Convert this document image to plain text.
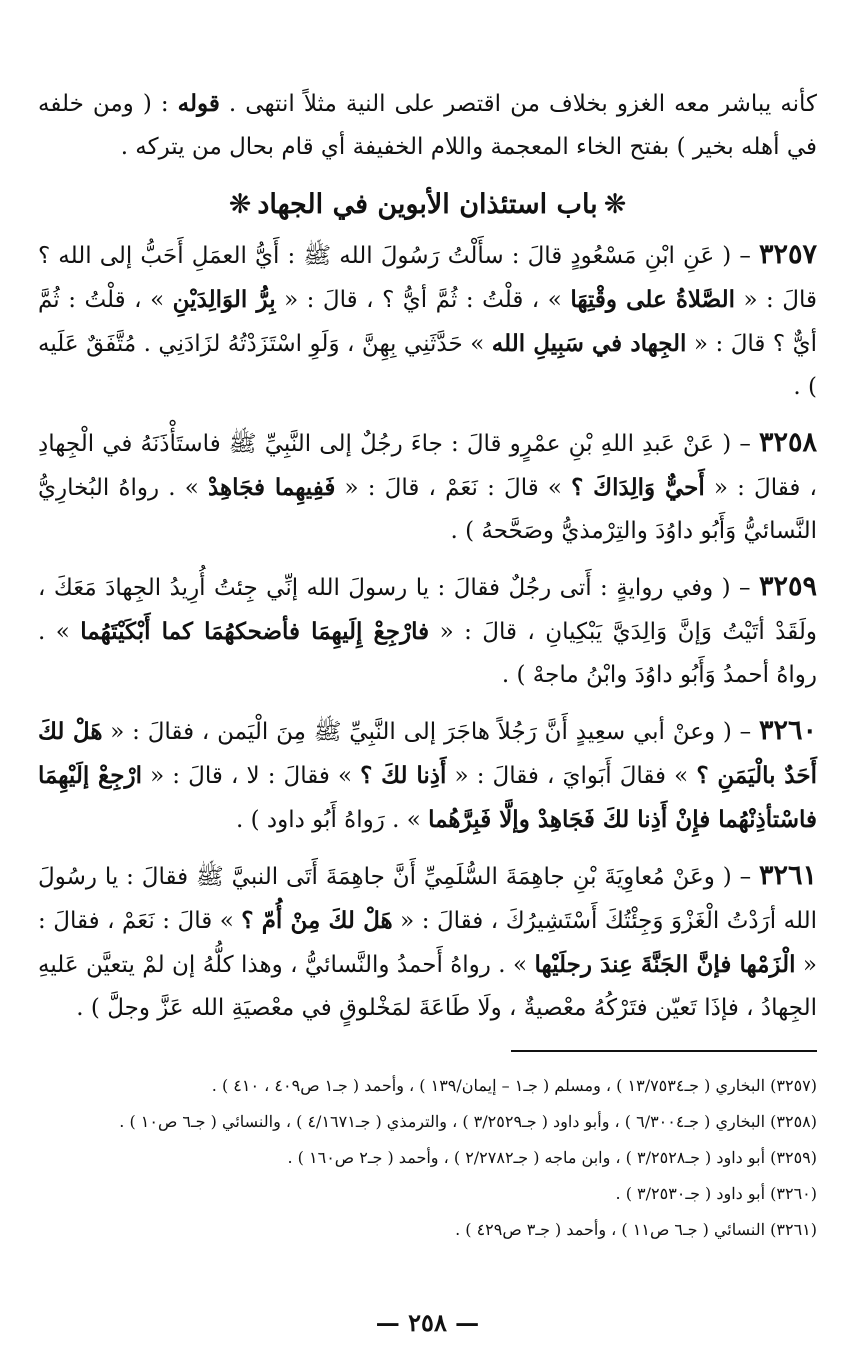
كأنه يباشر معه الغزو بخلاف من اقتصر على النية مثلاً انتهى . قوله : ( ومن خلفه في أهله بخير ) بفتح الخاء المعجمة واللام الخفيفة أي قام بحال من يتركه .

❋باب استئذان الأبوين في الجهاد❋

٣٢٥٧ – ( عَنِ ابْنِ مَسْعُودٍ قالَ : سأَلْتُ رَسُولَ الله ﷺ : أَيُّ العمَلِ أَحَبُّ إلى الله ؟ قالَ : « الصَّلاةُ على وقْتِهَا » ، قلْتُ : ثُمَّ أيُّ ؟ ، قالَ : « بِرُّ الوَالِدَيْنِ » ، قلْتُ : ثُمَّ أيٌّ ؟ قالَ : « الجِهاد في سَبِيلِ الله » حَدَّثَنِي بِهِنَّ ، وَلَوِ اسْتَزَدْتُهُ لزَادَنِي . مُتَّفَقٌ عَلَيه ) .

٣٢٥٨ – ( عَنْ عَبدِ اللهِ بْنِ عمْرٍو قالَ : جاءَ رجُلٌ إلى النَّبِيِّ ﷺ فاستَأْذَنَهُ في الْجِهادِ ، فقالَ : « أَحيٌّ وَالِدَاكَ ؟ » قالَ : نَعَمْ ، قالَ : « فَفِيهِما فجَاهِدْ » . رواهُ البُخارِيُّ النَّسائيُّ وَأَبُو داوُدَ والتِرْمذيُّ وصَحَّحهُ ) .

٣٢٥٩ – ( وفي روايةٍ : أَتى رجُلٌ فقالَ : يا رسولَ الله إنِّي جِئتُ أُرِيدُ الجِهادَ مَعَكَ ، ولَقَدْ أتَيْتُ وَإنَّ وَالِدَيَّ يَبْكِيانِ ، قالَ : « فارْجِعْ إِلَيهِمَا فأضحكهُمَا كما أَبْكَيْتَهُما » . رواهُ أحمدُ وَأَبُو داوُدَ وابْنُ ماجهْ ) .

٣٢٦٠ – ( وعنْ أبي سعِيدٍ أَنَّ رَجُلاً هاجَرَ إلى النَّبِيِّ ﷺ مِنَ الْيَمن ، فقالَ : « هَلْ لكَ أَحَدٌ بالْيَمَنِ ؟ » فقالَ أَبَوايَ ، فقالَ : « أَذِنا لكَ ؟ » فقالَ : لا ، قالَ : « ارْجِعْ إلَيْهِمَا فاسْتأذِنْهُما فإِنْ أَذِنا لكَ فَجَاهِدْ وإلَّا فَبِرَّهُما » . رَواهُ أَبُو داود ) .

٣٢٦١ – ( وعَنْ مُعاوِيَةَ بْنِ جاهِمَةَ السُّلَمِيِّ أَنَّ جاهِمَةَ أَتَى النبيَّ ﷺ فقالَ : يا رسُولَ الله أرَدْتُ الْغَزْوَ وَجِئْتُكَ أَسْتَشِيرُكَ ، فقالَ : « هَلْ لكَ مِنْ أُمّ ؟ » قالَ : نَعَمْ ، فقالَ : « الْزَمْها فإنَّ الجَنَّةَ عِندَ رجلَيْها » . رواهُ أَحمدُ والنَّسائيُّ ، وهذا كلُّهُ إن لمْ يتعيَّن عَليهِ الجِهادُ ، فإذَا تَعيّن فتَرْكُهُ معْصيةٌ ، ولَا طَاعَةَ لمَخْلوقٍ في معْصيَةِ الله عَزَّ وجلَّ ) .

(٣٢٥٧) البخاري ( جـ١٣/٧٥٣٤ ) ، ومسلم ( جـ١ – إيمان/١٣٩ ) ، وأحمد ( جـ١ ص٤٠٩ ، ٤١٠ ) .

(٣٢٥٨) البخاري ( جـ٦/٣٠٠٤ ) ، وأبو داود ( جـ٣/٢٥٢٩ ) ، والترمذي ( جـ٤/١٦٧١ ) ، والنسائي ( جـ٦ ص١٠ ) .

(٣٢٥٩) أبو داود ( جـ٣/٢٥٢٨ ) ، وابن ماجه ( جـ٢/٢٧٨٢ ) ، وأحمد ( جـ٢ ص١٦٠ ) .

(٣٢٦٠) أبو داود ( جـ٣/٢٥٣٠ ) .

(٣٢٦١) النسائي ( جـ٦ ص١١ ) ، وأحمد ( جـ٣ ص٤٢٩ ) .

— ٢٥٨ —
